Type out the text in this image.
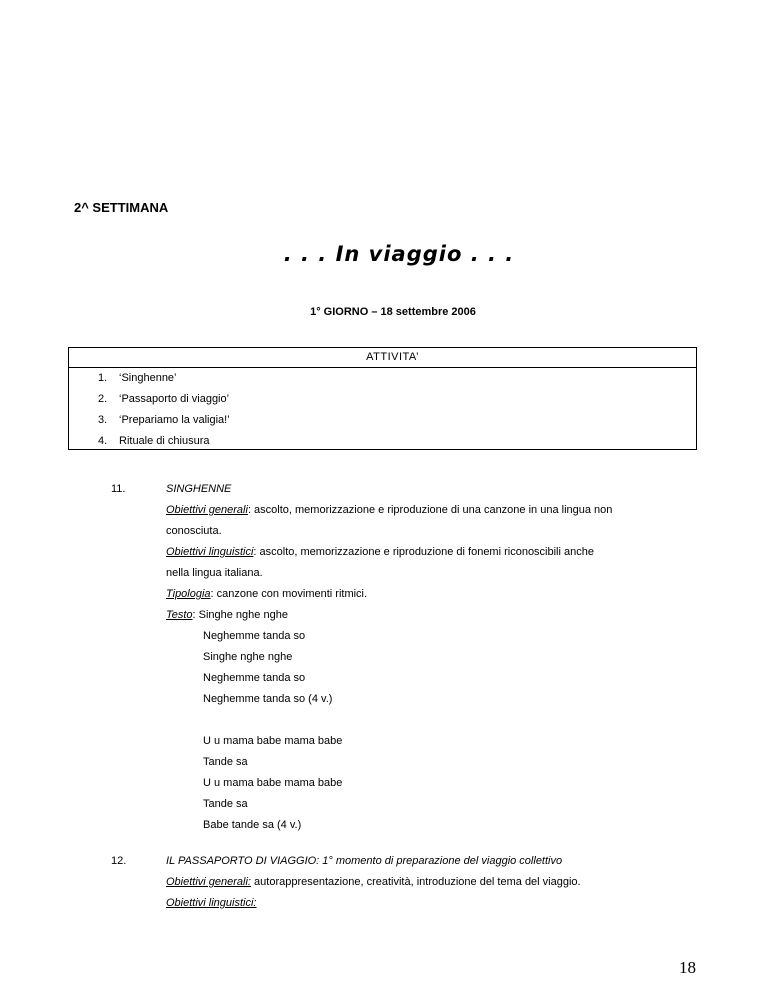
2^ SETTIMANA
. . . In viaggio . . .
1° GIORNO – 18 settembre 2006
ATTIVITA’
1. ‘Singhenne’
2. ‘Passaporto di viaggio’
3. ‘Prepariamo la valigia!’
4. Rituale di chiusura
11.	SINGHENNE

Obiettivi generali: ascolto, memorizzazione e riproduzione di una canzone in una lingua non

conosciuta.

Obiettivi linguistici: ascolto, memorizzazione e riproduzione di fonemi riconoscibili anche

nella lingua italiana.

Tipologia: canzone con movimenti ritmici.

Testo: Singhe nghe nghe

Neghemme tanda so

Singhe nghe nghe

Neghemme tanda so

Neghemme tanda so (4 v.)

U u mama babe mama babe

Tande sa

U u mama babe mama babe

Tande sa

Babe tande sa (4 v.)

12.	IL PASSAPORTO DI VIAGGIO: 1° momento di preparazione del viaggio collettivo

Obiettivi generali: autorappresentazione, creatività, introduzione del tema del viaggio.

Obiettivi linguistici:

18
